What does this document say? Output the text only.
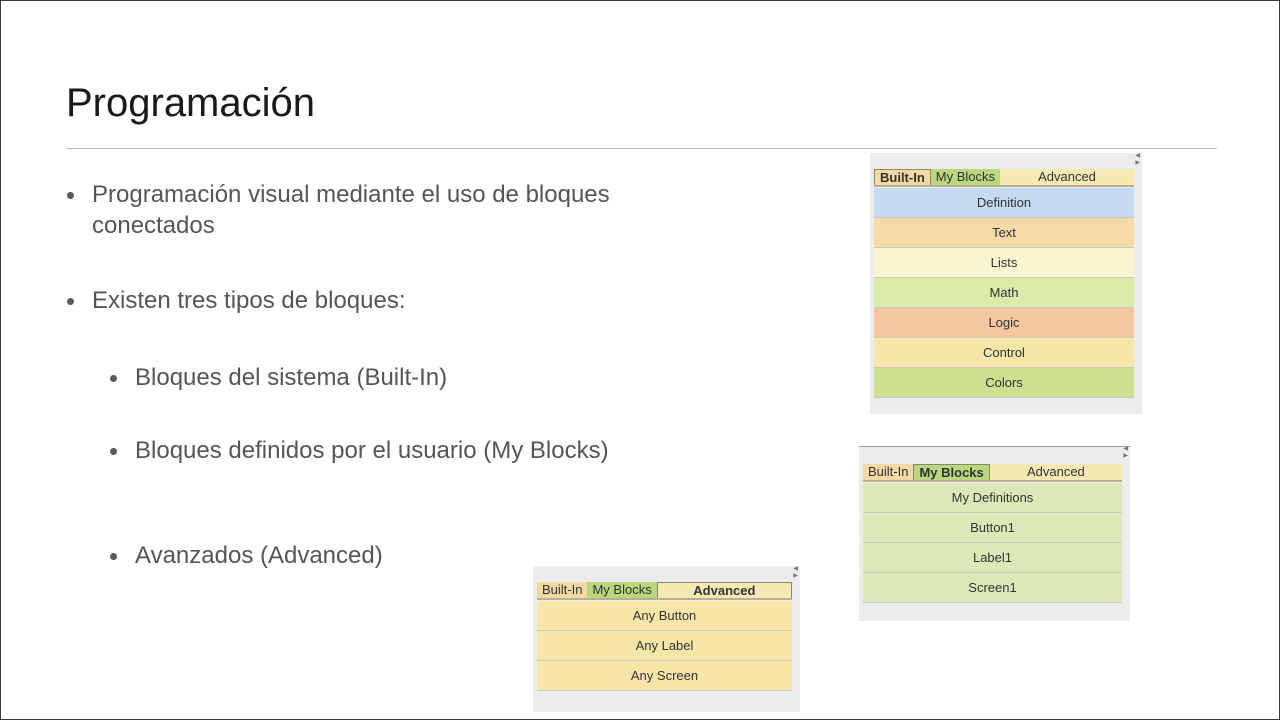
Programación
Programación visual mediante el uso de bloques conectados
Existen tres tipos de bloques:
Bloques del sistema (Built-In)
Bloques definidos por el usuario (My Blocks)
Avanzados (Advanced)
◀
▶
Built-In My Blocks	Advanced
Definition
Text
Lists
Math
Logic
Control
Colors
◀
▶
Built-In My Blocks	Advanced
My Definitions
Button1
Label1
Screen1
◀
▶
Built-In My Blocks	Advanced
Any Button
Any Label
Any Screen
